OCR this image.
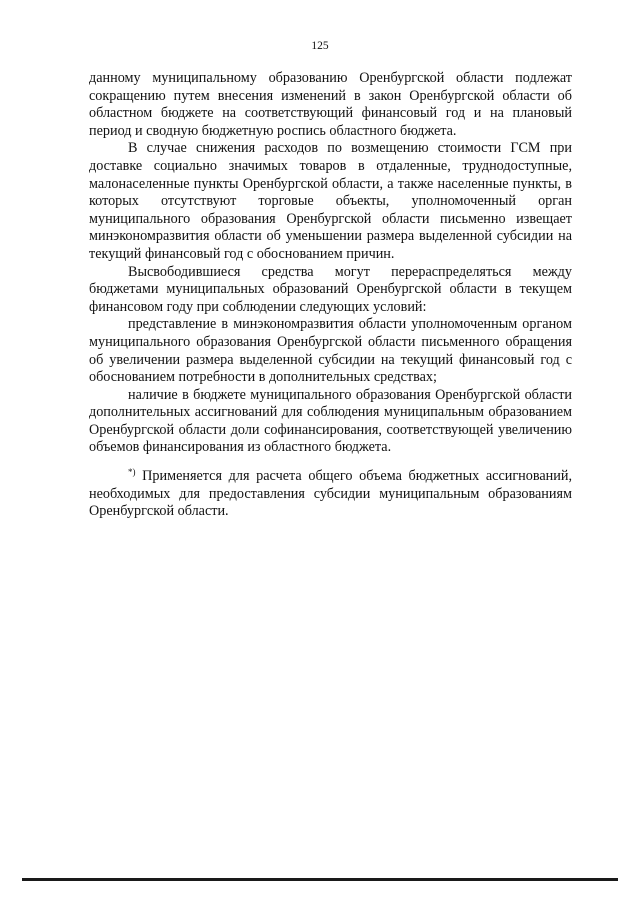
125

данному муниципальному образованию Оренбургской области подлежат сокращению путем внесения изменений в закон Оренбургской области об областном бюджете на соответствующий финансовый год и на плановый период и сводную бюджетную роспись областного бюджета.

В случае снижения расходов по возмещению стоимости ГСМ при доставке социально значимых товаров в отдаленные, труднодоступные, малонаселенные пункты Оренбургской области, а также населенные пункты, в которых отсутствуют торговые объекты, уполномоченный орган муниципального образования Оренбургской области письменно извещает минэкономразвития области об уменьшении размера выделенной субсидии на текущий финансовый год с обоснованием причин.

Высвободившиеся средства могут перераспределяться между бюджетами муниципальных образований Оренбургской области в текущем финансовом году при соблюдении следующих условий:

представление в минэкономразвития области уполномоченным органом муниципального образования Оренбургской области письменного обращения об увеличении размера выделенной субсидии на текущий финансовый год с обоснованием потребности в дополнительных средствах;

наличие в бюджете муниципального образования Оренбургской области дополнительных ассигнований для соблюдения муниципальным образованием Оренбургской области доли софинансирования, соответствующей увеличению объемов финансирования из областного бюджета.

*) Применяется для расчета общего объема бюджетных ассигнований, необходимых для предоставления субсидии муниципальным образованиям Оренбургской области.
